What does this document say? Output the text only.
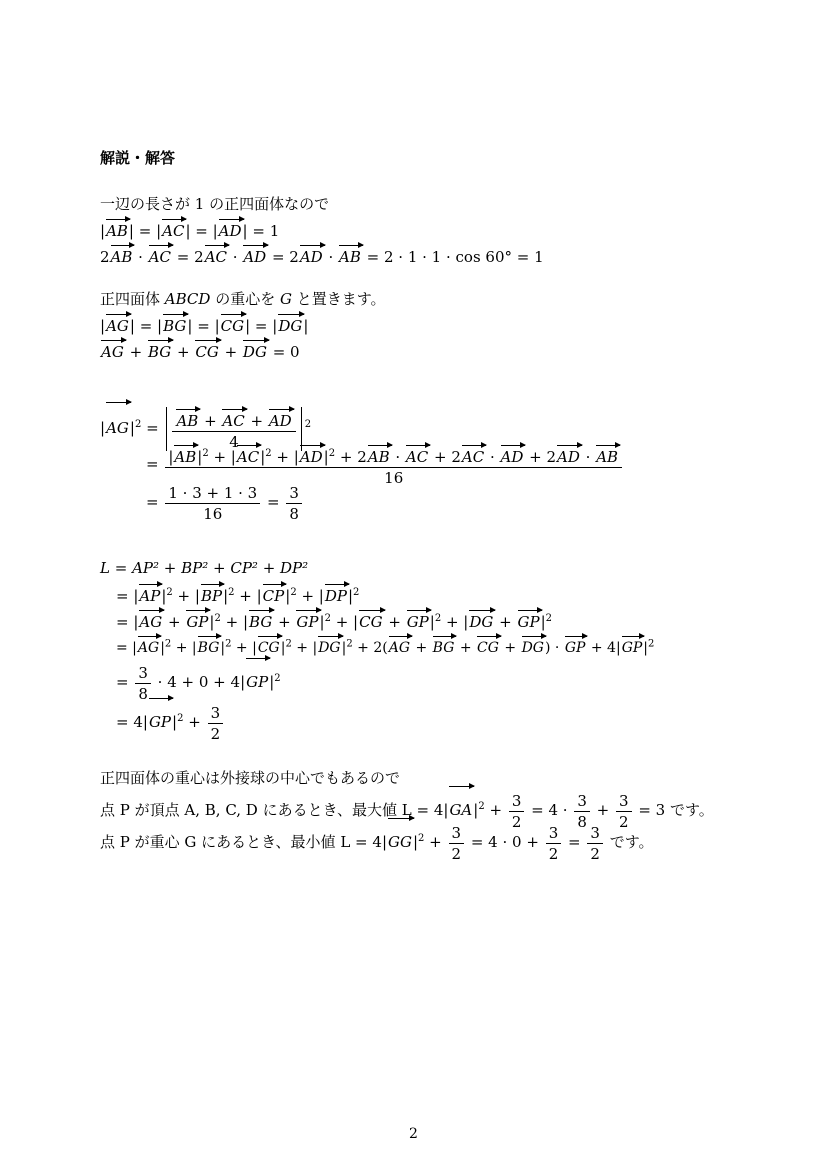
解説・解答
一辺の長さが 1 の正四面体なので
|AB| = |AC| = |AD| = 1
2AB · AC = 2AC · AD = 2AD · AB = 2 · 1 · 1 · cos 60° = 1
正四面体 ABCD の重心を G と置きます。
|AG| = |BG| = |CG| = |DG|
AG + BG + CG + DG = 0
$|AG|^2 = \frac{AB + AC + AD}{4} ^2$
= $\frac{|AB|^2 + |AC|^2 + |AD|^2 + 2AB \cdot AC + 2AC \cdot AD + 2AD \cdot AB}{16}$
= $\frac{1 \cdot 3 + 1 \cdot 3}{16} = \frac{3}{8}$
L = AP² + BP² + CP² + DP²
= $|AP|^2 + |BP|^2 + |CP|^2 + |DP|^2$
= $|AG + GP|^2 + |BG + GP|^2 + |CG + GP|^2 + |DG + GP|^2$
= $|AG|^2 + |BG|^2 + |CG|^2 + |DG|^2 + 2(AG$ + BG + CG + DG) · GP + $4|GP|^2$
= $\frac{3}{8} \cdot 4 + 0 + 4|GP|^2$
= $4|GP|^2 + \frac{3}{2}$
正四面体の重心は外接球の中心でもあるので
点 P が頂点 A, B, C, D にあるとき、最大値 $L = 4|GA|^2 + \frac{3}{2} = 4 \cdot \frac{3}{8} + \frac{3}{2} = 3$ です。
点 P が重心 G にあるとき、最小値 $L = 4|GG|^2 + \frac{3}{2} = 4 \cdot 0 + \frac{3}{2} = \frac{3}{2}$ です。
2
